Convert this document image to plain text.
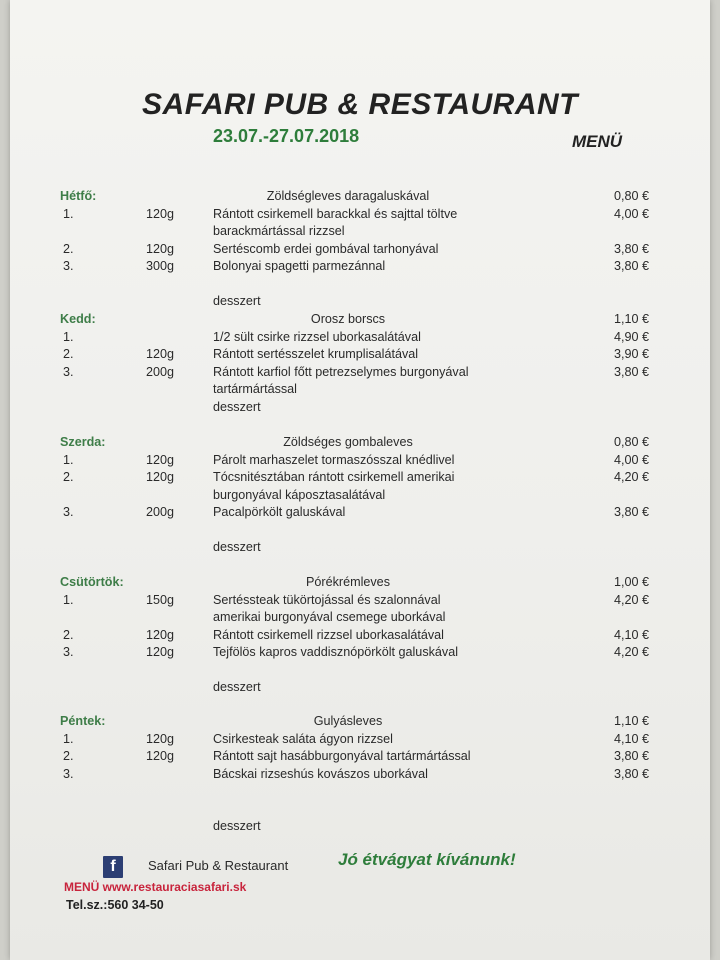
SAFARI PUB & RESTAURANT
23.07.-27.07.2018	MENÜ
Hétfő:	Zöldségleves daragaluskával	0,80 €
1.	120g	Rántott csirkemell barackkal és sajttal töltve	4,00 €
barackmártással rizzsel
2.	120g	Sertéscomb erdei gombával tarhonyával	3,80 €
3.	300g	Bolonyai spagetti parmezánnal	3,80 €
desszert
Kedd:	Orosz borscs	1,10 €
1.	1/2 sült csirke rizzsel uborkasalátával	4,90 €
2.	120g	Rántott sertésszelet krumplisalátával	3,90 €
3.	200g	Rántott karfiol főtt petrezselymes burgonyával	3,80 €
tartármártással
desszert
Szerda:	Zöldséges gombaleves	0,80 €
1.	120g	Párolt marhaszelet tormaszósszal knédlivel	4,00 €
2.	120g	Tócsnitésztában rántott csirkemell amerikai	4,20 €
burgonyával káposztasalátával
3.	200g	Pacalpörkölt galuskával	3,80 €
desszert
Csütörtök:	Pórékrémleves	1,00 €
1.	150g	Sertéssteak tükörtojással és szalonnával	4,20 €
amerikai burgonyával csemege uborkával
2.	120g	Rántott csirkemell rizzsel uborkasalátával	4,10 €
3.	120g	Tejfölös kapros vaddisznópörkölt galuskával	4,20 €
desszert
Péntek:	Gulyásleves	1,10 €
1.	120g	Csirkesteak saláta ágyon rizzsel	4,10 €
2.	120g	Rántott sajt hasábburgonyával tartármártással	3,80 €
3.	Bácskai rizseshús kovászos uborkával	3,80 €
desszert
f	Safari Pub & Restaurant	Jó étvágyat kívánunk!
MENÜ www.restauraciasafari.sk
Tel.sz.:560 34-50
